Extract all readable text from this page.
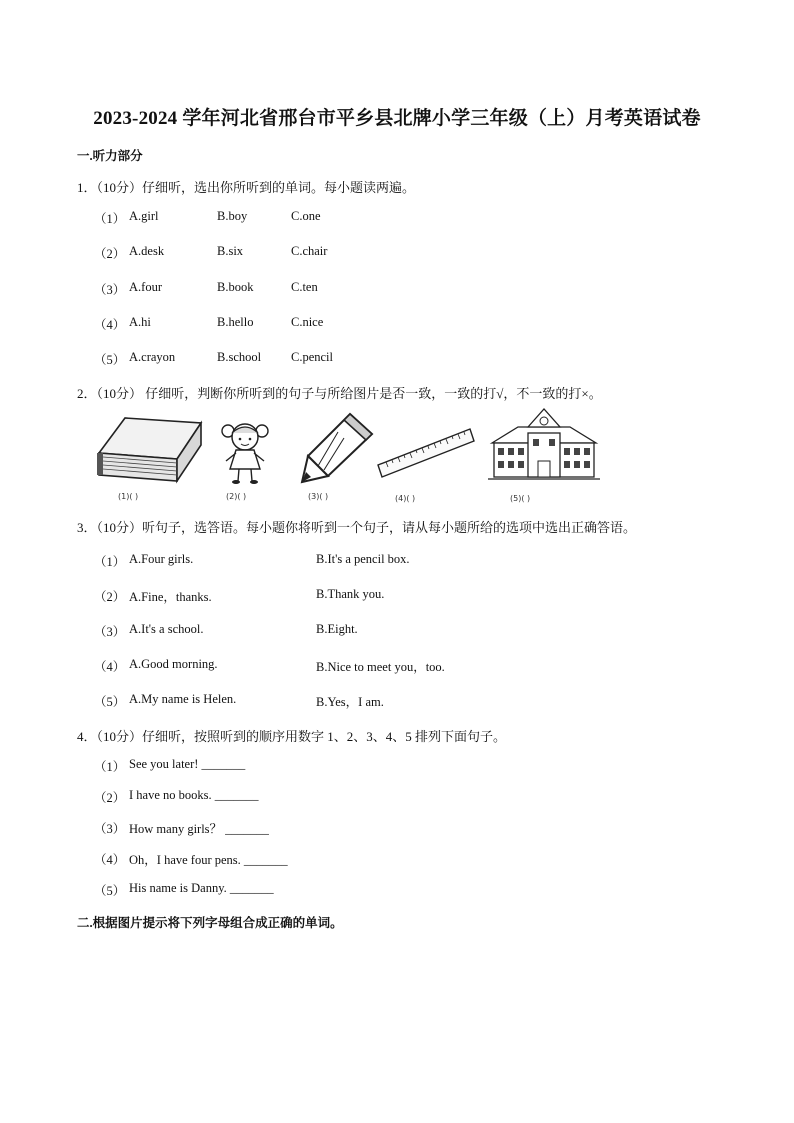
2023-2024 学年河北省邢台市平乡县北牌小学三年级（上）月考英语试卷
一.听力部分
1．（10分）仔细听，选出你所听到的单词。每小题读两遍。
（1） A.girl	B.boy	C.one
（2） A.desk	B.six	C.chair
（3） A.four	B.book	C.ten
（4） A.hi	B.hello	C.nice
（5） A.crayon	B.school C.pencil
2．（10分） 仔细听，判断你所听到的句子与所给图片是否一致，一致的打√，不一致的打×。
(1)( )	(2)( )	(3)( )	(4)( )	(5)( )
3．（10分）听句子，选答语。每小题你将听到一个句子，请从每小题所给的选项中选出正确答语。
（1） A.Four girls.	B.It's a pencil box.
（2） A.Fine，thanks.	B.Thank you.
（3） A.It's a school.	B.Eight.
（4） A.Good morning.	B.Nice to meet you，too.
（5） A.My name is Helen.	B.Yes，I am.
4．（10分）仔细听，按照听到的顺序用数字 1、2、3、4、5 排列下面句子。
（1） See you later! _______
（2） I have no books. _______
（3） How many girls？ _______
（4） Oh，I have four pens. _______
（5） His name is Danny. _______
二.根据图片提示将下列字母组合成正确的单词。
